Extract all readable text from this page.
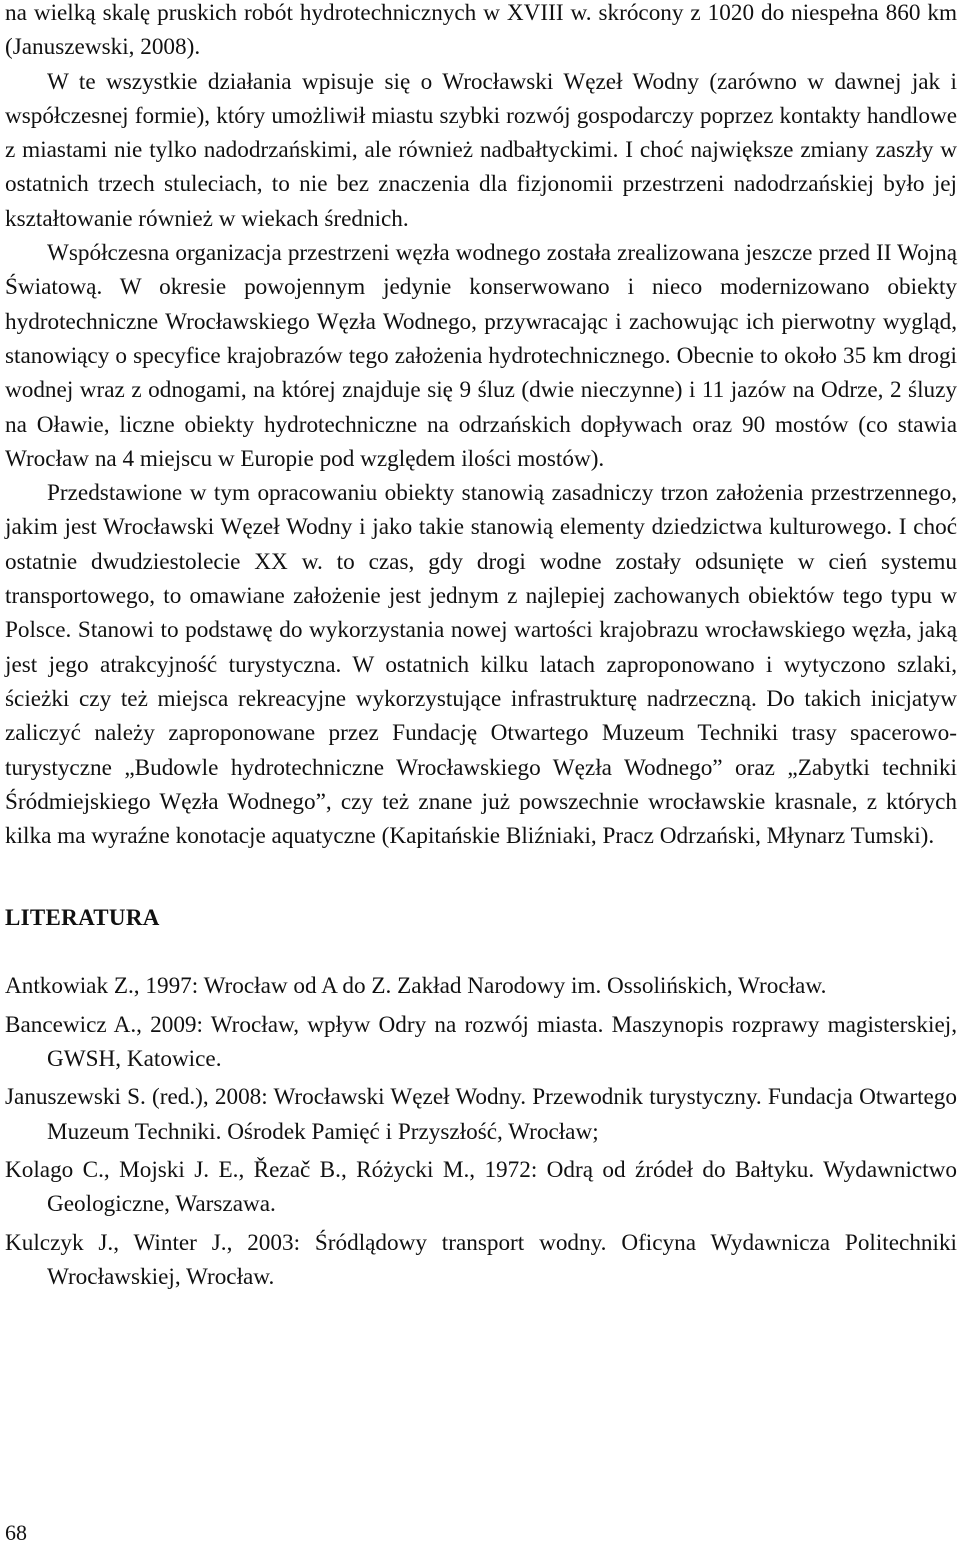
na wielką skalę pruskich robót hydrotechnicznych w XVIII w. skrócony z 1020 do niespełna 860 km (Januszewski, 2008).

W te wszystkie działania wpisuje się o Wrocławski Węzeł Wodny (zarówno w dawnej jak i współczesnej formie), który umożliwił miastu szybki rozwój gospodarczy poprzez kontakty handlowe z miastami nie tylko nadodrzańskimi, ale również nadbałtyckimi. I choć największe zmiany zaszły w ostatnich trzech stuleciach, to nie bez znaczenia dla fizjonomii przestrzeni nadodrzańskiej było jej kształtowanie również w wiekach średnich.

Współczesna organizacja przestrzeni węzła wodnego została zrealizowana jeszcze przed II Wojną Światową. W okresie powojennym jedynie konserwowano i nieco modernizowano obiekty hydrotechniczne Wrocławskiego Węzła Wodnego, przywracając i zachowując ich pierwotny wygląd, stanowiący o specyfice krajobrazów tego założenia hydrotechnicznego. Obecnie to około 35 km drogi wodnej wraz z odnogami, na której znajduje się 9 śluz (dwie nieczynne) i 11 jazów na Odrze, 2 śluzy na Oławie, liczne obiekty hydrotechniczne na odrzańskich dopływach oraz 90 mostów (co stawia Wrocław na 4 miejscu w Europie pod względem ilości mostów).

Przedstawione w tym opracowaniu obiekty stanowią zasadniczy trzon założenia przestrzennego, jakim jest Wrocławski Węzeł Wodny i jako takie stanowią elementy dziedzictwa kulturowego. I choć ostatnie dwudziestolecie XX w. to czas, gdy drogi wodne zostały odsunięte w cień systemu transportowego, to omawiane założenie jest jednym z najlepiej zachowanych obiektów tego typu w Polsce. Stanowi to podstawę do wykorzystania nowej wartości krajobrazu wrocławskiego węzła, jaką jest jego atrakcyjność turystyczna. W ostatnich kilku latach zaproponowano i wytyczono szlaki, ścieżki czy też miejsca rekreacyjne wykorzystujące infrastrukturę nadrzeczną. Do takich inicjatyw zaliczyć należy zaproponowane przez Fundację Otwartego Muzeum Techniki trasy spacerowo-turystyczne „Budowle hydrotechniczne Wrocławskiego Węzła Wodnego” oraz „Zabytki techniki Śródmiejskiego Węzła Wodnego”, czy też znane już powszechnie wrocławskie krasnale, z których kilka ma wyraźne konotacje aquatyczne (Kapitańskie Bliźniaki, Pracz Odrzański, Młynarz Tumski).

LITERATURA

Antkowiak Z., 1997: Wrocław od A do Z. Zakład Narodowy im. Ossolińskich, Wrocław.

Bancewicz A., 2009: Wrocław, wpływ Odry na rozwój miasta. Maszynopis rozprawy magisterskiej, GWSH, Katowice.

Januszewski S. (red.), 2008: Wrocławski Węzeł Wodny. Przewodnik turystyczny. Fundacja Otwartego Muzeum Techniki. Ośrodek Pamięć i Przyszłość, Wrocław;

Kolago C., Mojski J. E., Řezač B., Różycki M., 1972: Odrą od źródeł do Bałtyku. Wydawnictwo Geologiczne, Warszawa.

Kulczyk J., Winter J., 2003: Śródlądowy transport wodny. Oficyna Wydawnicza Politechniki Wrocławskiej, Wrocław.

68
